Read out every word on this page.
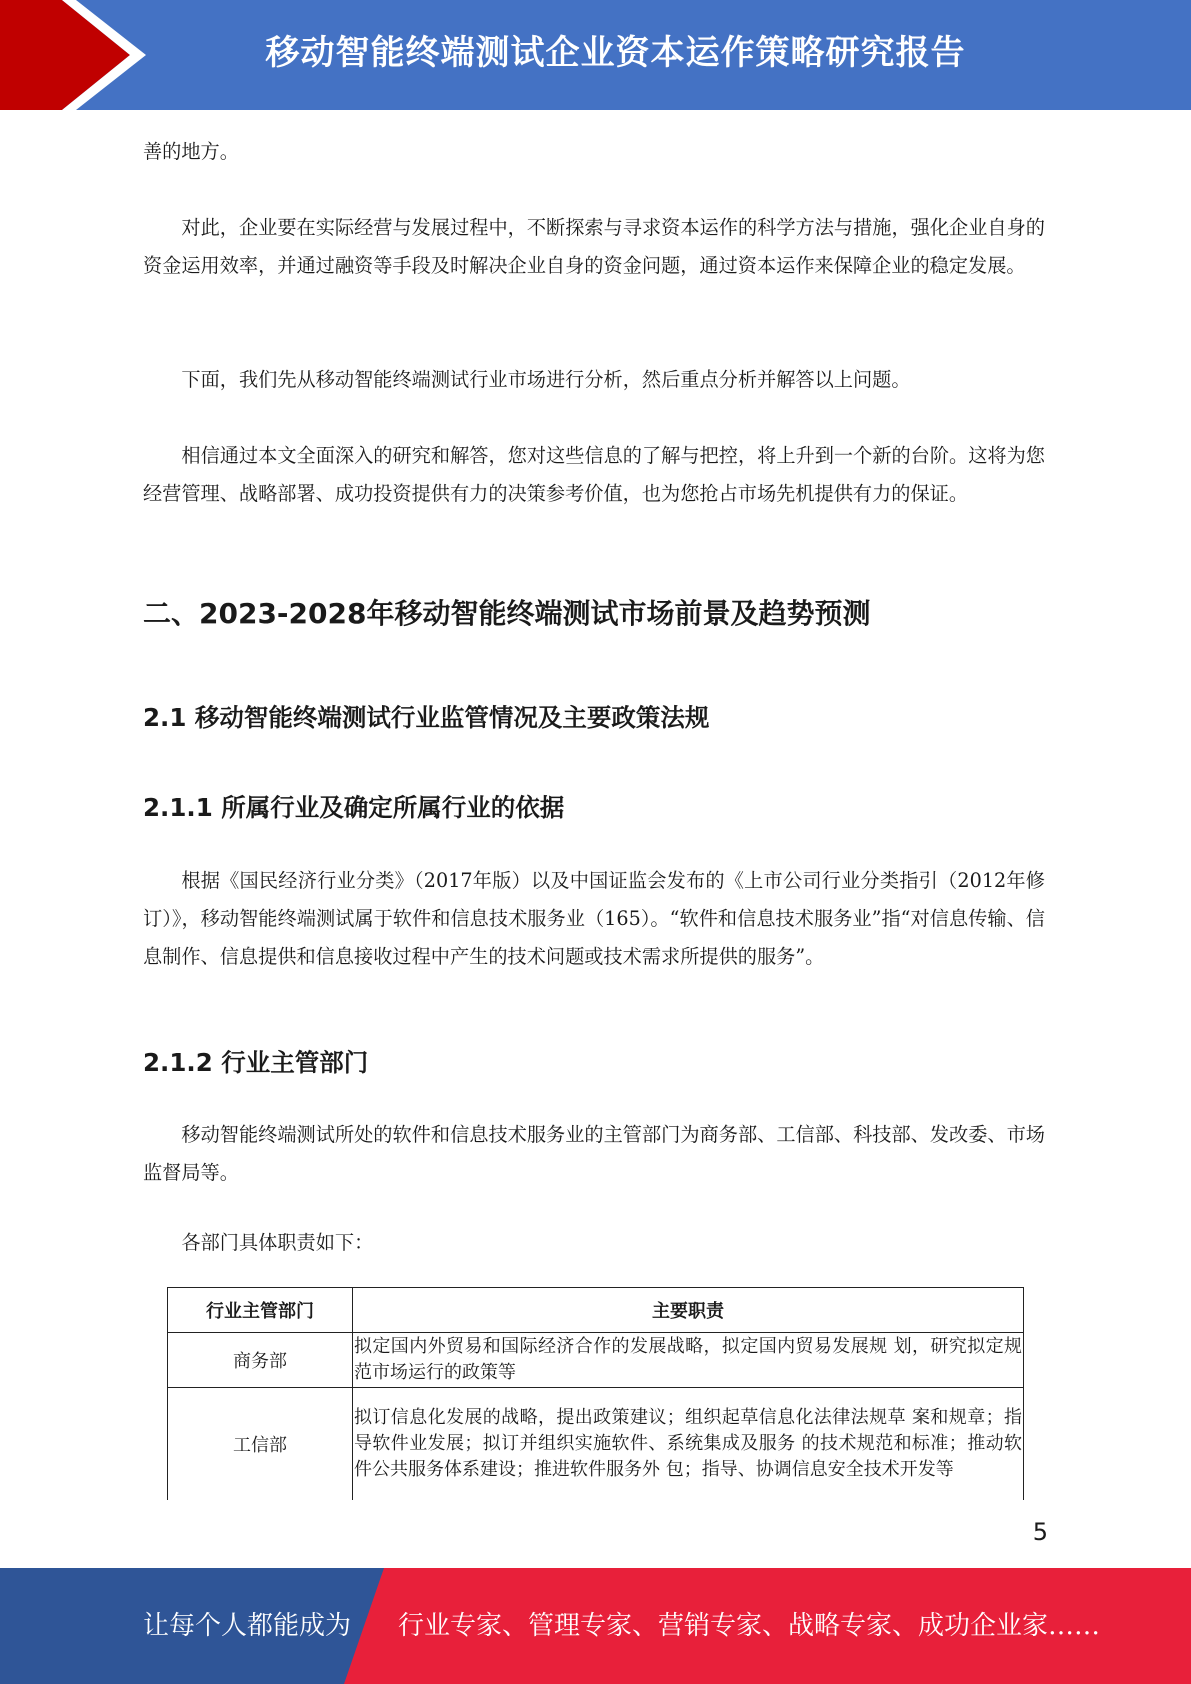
移动智能终端测试企业资本运作策略研究报告

善的地方。

对此，企业要在实际经营与发展过程中，不断探索与寻求资本运作的科学方法与措施，强化企业自身的资金运用效率，并通过融资等手段及时解决企业自身的资金问题，通过资本运作来保障企业的稳定发展。

下面，我们先从移动智能终端测试行业市场进行分析，然后重点分析并解答以上问题。

相信通过本文全面深入的研究和解答，您对这些信息的了解与把控，将上升到一个新的台阶。这将为您经营管理、战略部署、成功投资提供有力的决策参考价值，也为您抢占市场先机提供有力的保证。

二、2023-2028年移动智能终端测试市场前景及趋势预测
2.1 移动智能终端测试行业监管情况及主要政策法规
2.1.1 所属行业及确定所属行业的依据

根据《国民经济行业分类》（2017年版）以及中国证监会发布的《上市公司行业分类指引（2012年修订）》，移动智能终端测试属于软件和信息技术服务业（165）。“软件和信息技术服务业”指“对信息传输、信息制作、信息提供和信息接收过程中产生的技术问题或技术需求所提供的服务”。

2.1.2 行业主管部门

移动智能终端测试所处的软件和信息技术服务业的主管部门为商务部、工信部、科技部、发改委、市场监督局等。

各部门具体职责如下：

行业主管部门	主要职责
商务部	拟定国内外贸易和国际经济合作的发展战略，拟定国内贸易发展规 划，研究拟定规范市场运行的政策等
工信部	拟订信息化发展的战略，提出政策建议；组织起草信息化法律法规草 案和规章；指导软件业发展；拟订并组织实施软件、系统集成及服务 的技术规范和标准；推动软件公共服务体系建设；推进软件服务外 包；指导、协调信息安全技术开发等
5
让每个人都能成为 行业专家、管理专家、营销专家、战略专家、成功企业家……
